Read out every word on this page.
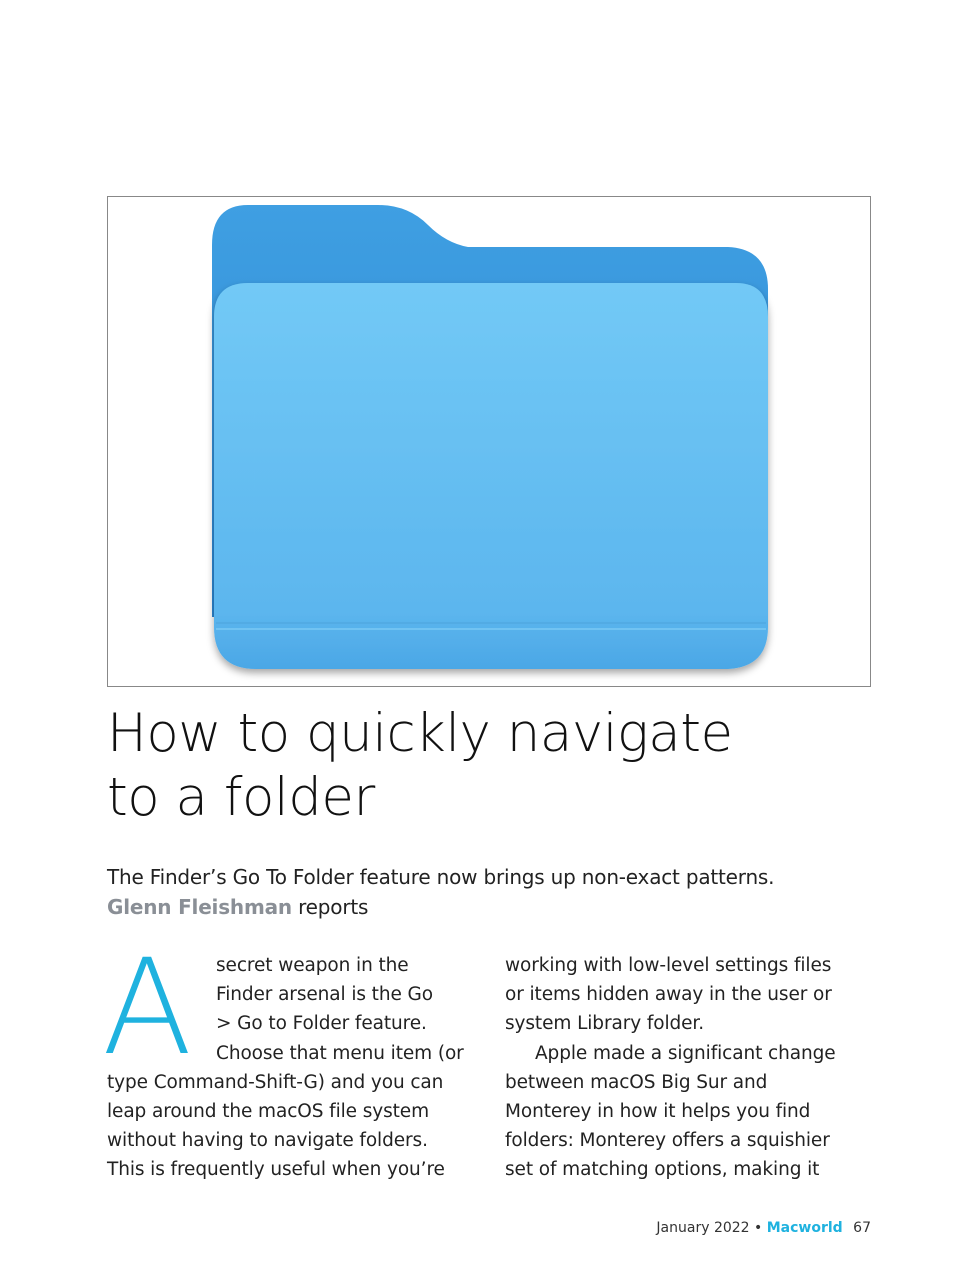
How to quickly navigate
to a folder
The Finder’s Go To Folder feature now brings up non-exact patterns.
Glenn Fleishman reports
A	secret weapon in the
Finder arsenal is the Go
> Go to Folder feature.
Choose that menu item (or
type Command-Shift-G) and you can
leap around the macOS file system
without having to navigate folders.
This is frequently useful when you’re
working with low-level settings files
or items hidden away in the user or
system Library folder.
Apple made a significant change
between macOS Big Sur and
Monterey in how it helps you find
folders: Monterey offers a squishier
set of matching options, making it
January 2022 • Macworld 67
